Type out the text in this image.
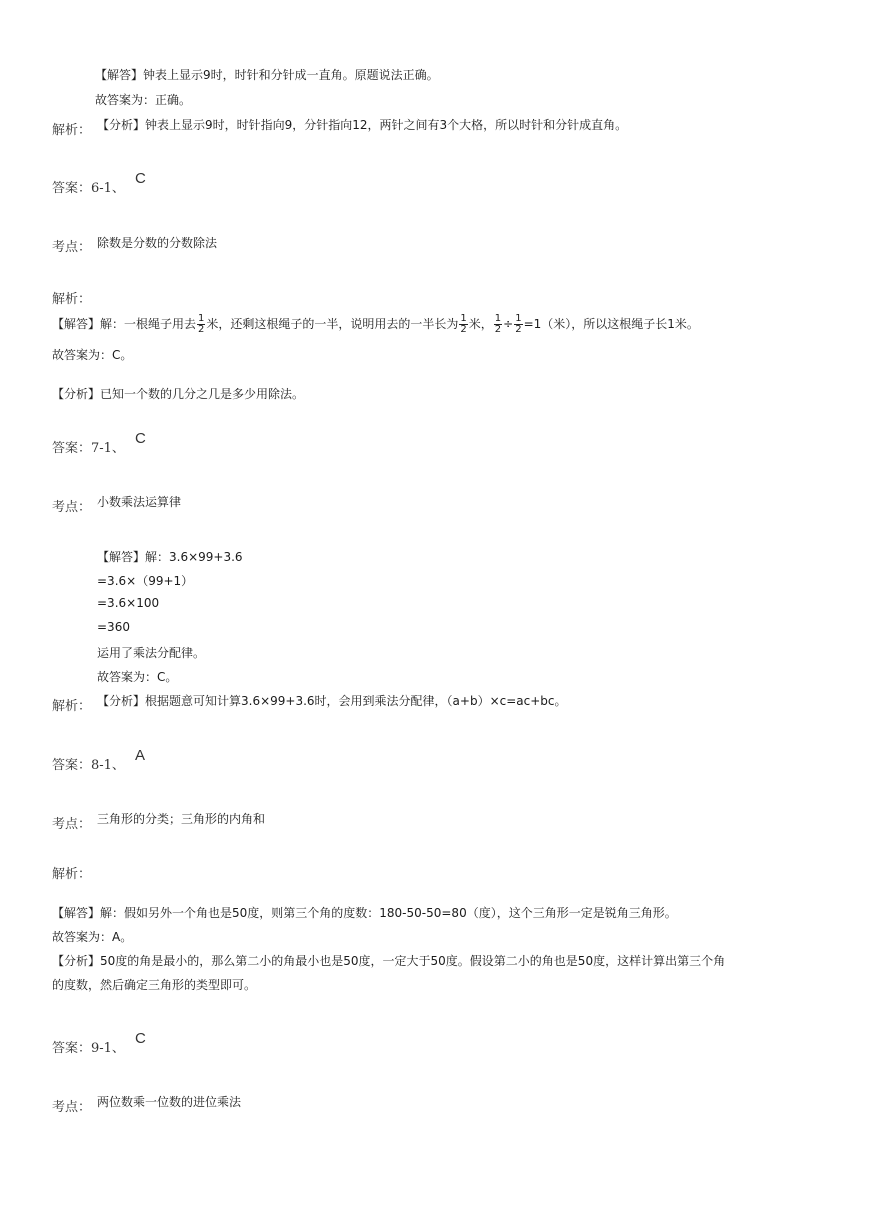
【解答】钟表上显示9时，时针和分针成一直角。原题说法正确。
故答案为：正确。
解析： 【分析】钟表上显示9时，时针指向9，分针指向12，两针之间有3个大格，所以时针和分针成直角。
答案：6-1、
C
考点： 除数是分数的分数除法
解析：
【解答】解：一根绳子用去 $\frac{1}{2}$ 米，还剩这根绳子的一半，说明用去的一半长为 $\frac{1}{2}$ 米， $\frac{1}{2} \div \frac{1}{2} =1$（米），所以这根绳子长1米。
故答案为：C。
【分析】已知一个数的几分之几是多少用除法。
答案：7-1、
C
考点： 小数乘法运算律
【解答】解：3.6×99+3.6
=3.6×（99+1）
=3.6×100
=360
运用了乘法分配律。
故答案为：C。
解析： 【分析】根据题意可知计算3.6×99+3.6时，会用到乘法分配律，（a+b）×c=ac+bc。
答案：8-1、
A
考点： 三角形的分类；三角形的内角和
解析：
【解答】解：假如另外一个角也是50度，则第三个角的度数：180-50-50=80（度），这个三角形一定是锐角三角形。
故答案为：A。
【分析】50度的角是最小的，那么第二小的角最小也是50度，一定大于50度。假设第二小的角也是50度，这样计算出第三个角
的度数，然后确定三角形的类型即可。
答案：9-1、
C
考点： 两位数乘一位数的进位乘法
